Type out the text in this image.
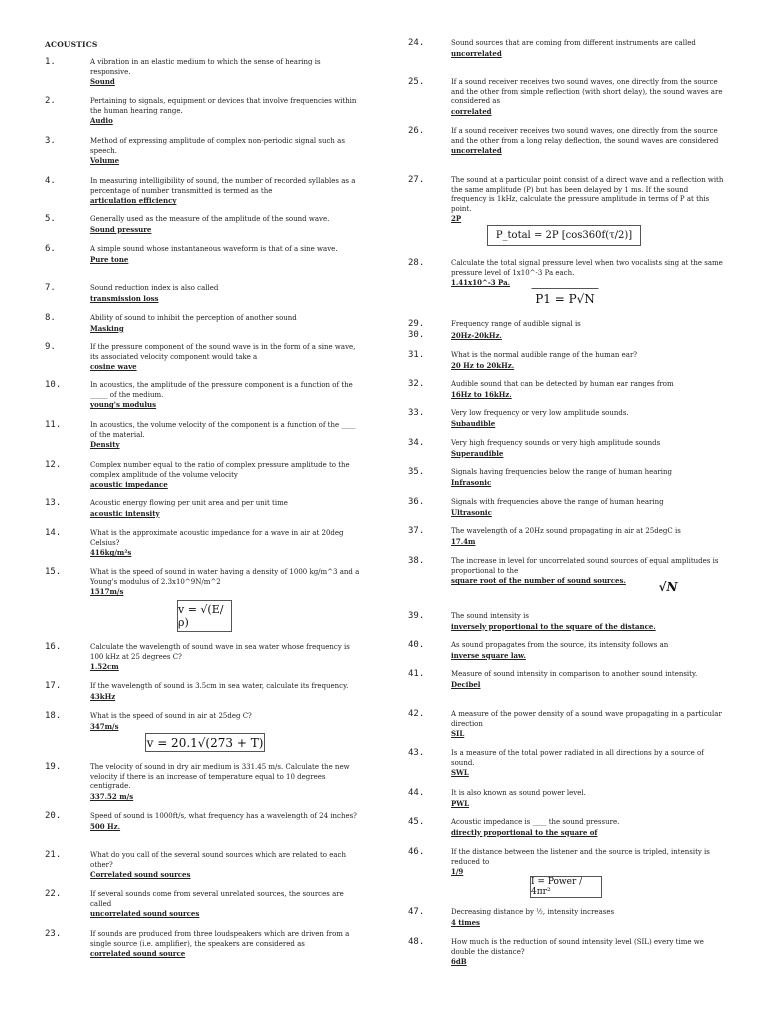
ACOUSTICS
1.	A vibration in an elastic medium to which the sense of hearing is responsive.
Sound
2.	Pertaining to signals, equipment or devices that involve frequencies within the human hearing range.
Audio
3.	Method of expressing amplitude of complex non-periodic signal such as speech.
Volume
4.	In measuring intelligibility of sound, the number of recorded syllables as a percentage of number transmitted is termed as the
articulation efficiency
5.	Generally used as the measure of the amplitude of the sound wave.
Sound pressure
6.	A simple sound whose instantaneous waveform is that of a sine wave.
Pure tone
7.	Sound reduction index is also called
transmission loss
8.	Ability of sound to inhibit the perception of another sound
Masking
9.	If the pressure component of the sound wave is in the form of a sine wave, its associated velocity component would take a
cosine wave
10.	In acoustics, the amplitude of the pressure component is a function of the _____ of the medium.
young's modulus
11.	In acoustics, the volume velocity of the component is a function of the ____ of the material.
Density
12.	Complex number equal to the ratio of complex pressure amplitude to the complex amplitude of the volume velocity
acoustic impedance
13.	Acoustic energy flowing per unit area and per unit time
acoustic intensity
14.	What is the approximate acoustic impedance for a wave in air at 20deg Celsius?
416kg/m²s
15.	What is the speed of sound in water having a density of 1000 kg/m^3 and a Young's modulus of 2.3x10^9N/m^2
1517m/s
16.	Calculate the wavelength of sound wave in sea water whose frequency is 100 kHz at 25 degrees C?
1.52cm
17.	If the wavelength of sound is 3.5cm in sea water, calculate its frequency.
43kHz
18.	What is the speed of sound in air at 25deg C?
347m/s
19.	The velocity of sound in dry air medium is 331.45 m/s. Calculate the new velocity if there is an increase of temperature equal to 10 degrees centigrade.
337.52 m/s
20.	Speed of sound is 1000ft/s, what frequency has a wavelength of 24 inches?
500 Hz.
21.	What do you call of the several sound sources which are related to each other?
Correlated sound sources
22.	If several sounds come from several unrelated sources, the sources are called
uncorrelated sound sources
23.	If sounds are produced from three loudspeakers which are driven from a single source (i.e. amplifier), the speakers are considered as
correlated sound source
24.	Sound sources that are coming from different instruments are called
uncorrelated
25.	If a sound receiver receives two sound waves, one directly from the source and the other from simple reflection (with short delay), the sound waves are considered as
correlated
26.	If a sound receiver receives two sound waves, one directly from the source and the other from a long relay deflection, the sound waves are considered
uncorrelated
27.	The sound at a particular point consist of a direct wave and a reflection with the same amplitude (P) but has been delayed by 1 ms. If the sound frequency is 1kHz, calculate the pressure amplitude in terms of P at this point.
2P
28.	Calculate the total signal pressure level when two vocalists sing at the same pressure level of 1x10^-3 Pa each.
1.41x10^-3 Pa.
29.	Frequency range of audible signal is
30.	20Hz-20kHz.
31.	What is the normal audible range of the human ear?
20 Hz to 20kHz.
32.	Audible sound that can be detected by human ear ranges from
16Hz to 16kHz.
33.	Very low frequency or very low amplitude sounds.
Subaudible
34.	Very high frequency sounds or very high amplitude sounds
Superaudible
35.	Signals having frequencies below the range of human hearing
Infrasonic
36.	Signals with frequencies above the range of human hearing
Ultrasonic
37.	The wavelength of a 20Hz sound propagating in air at 25degC is
17.4m
38.	The increase in level for uncorrelated sound sources of equal amplitudes is proportional to the
square root of the number of sound sources.
39.	The sound intensity is
inversely proportional to the square of the distance.
40.	As sound propagates from the source, its intensity follows an
inverse square law.
41.	Measure of sound intensity in comparison to another sound intensity.
Decibel
42.	A measure of the power density of a sound wave propagating in a particular direction
SIL
43.	Is a measure of the total power radiated in all directions by a source of sound.
SWL
44.	It is also known as sound power level.
PWL
45.	Acoustic impedance is ____ the sound pressure.
directly proportional to the square of
46.	If the distance between the listener and the source is tripled, intensity is reduced to
1/9
47.	Decreasing distance by ½, intensity increases
4 times
48.	How much is the reduction of sound intensity level (SIL) every time we double the distance?
6dB
v = √(E/ρ)
v = 20.1√(273 + T)
P_total = 2P [cos360f(τ/2)]
P1 = P√N
√N
I = Power / 4πr²
